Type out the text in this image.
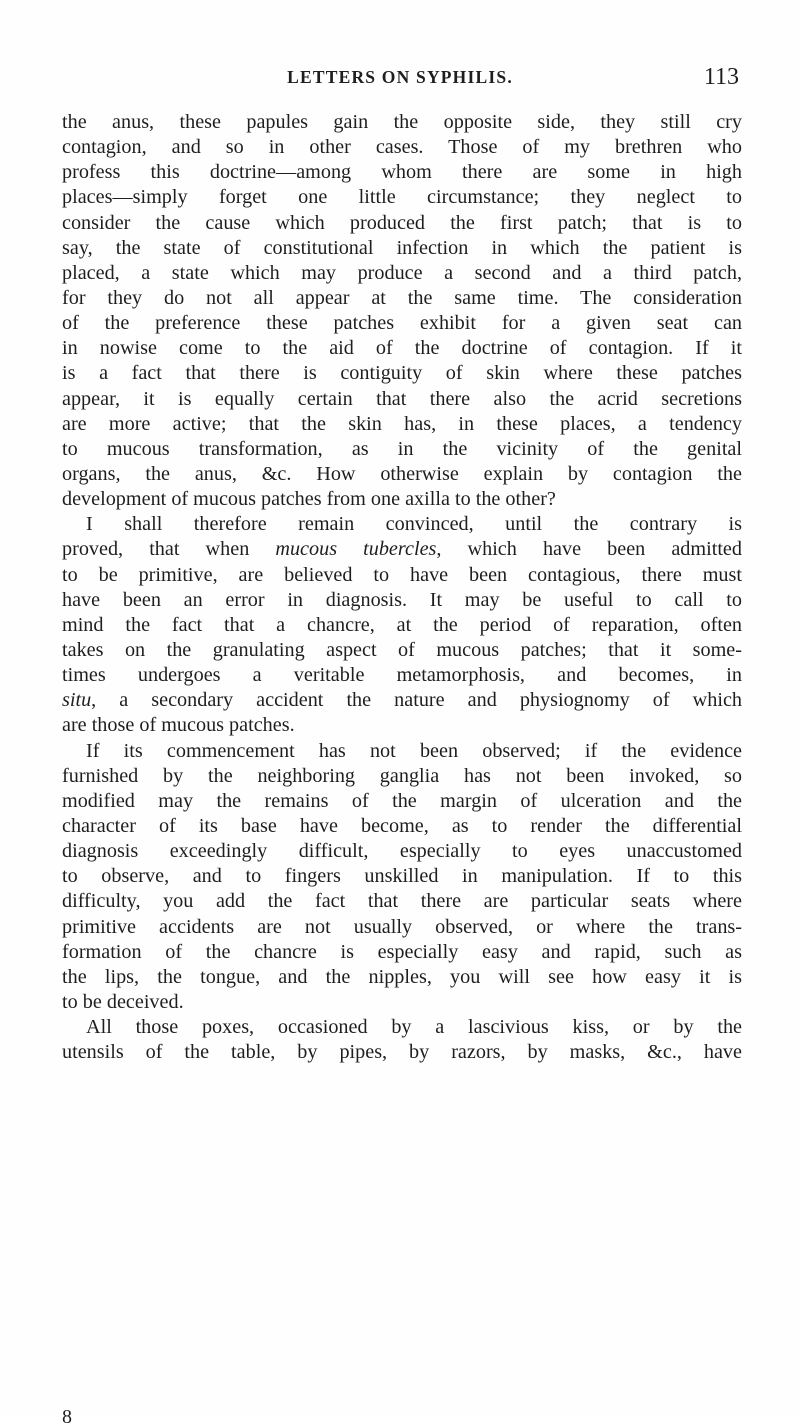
LETTERS ON SYPHILIS.	113
the anus, these papules gain the opposite side, they still cry
contagion, and so in other cases. Those of my brethren who
profess this doctrine—among whom there are some in high
places—simply forget one little circumstance; they neglect to
consider the cause which produced the first patch; that is to
say, the state of constitutional infection in which the patient is
placed, a state which may produce a second and a third patch,
for they do not all appear at the same time. The consideration
of the preference these patches exhibit for a given seat can
in nowise come to the aid of the doctrine of contagion. If it
is a fact that there is contiguity of skin where these patches
appear, it is equally certain that there also the acrid secretions
are more active; that the skin has, in these places, a tendency
to mucous transformation, as in the vicinity of the genital
organs, the anus, &c. How otherwise explain by contagion the
development of mucous patches from one axilla to the other?
I shall therefore remain convinced, until the contrary is
proved, that when mucous tubercles, which have been admitted
to be primitive, are believed to have been contagious, there must
have been an error in diagnosis. It may be useful to call to
mind the fact that a chancre, at the period of reparation, often
takes on the granulating aspect of mucous patches; that it some-
times undergoes a veritable metamorphosis, and becomes, in
situ, a secondary accident the nature and physiognomy of which
are those of mucous patches.
If its commencement has not been observed; if the evidence
furnished by the neighboring ganglia has not been invoked, so
modified may the remains of the margin of ulceration and the
character of its base have become, as to render the differential
diagnosis exceedingly difficult, especially to eyes unaccustomed
to observe, and to fingers unskilled in manipulation. If to this
difficulty, you add the fact that there are particular seats where
primitive accidents are not usually observed, or where the trans-
formation of the chancre is especially easy and rapid, such as
the lips, the tongue, and the nipples, you will see how easy it is
to be deceived.
All those poxes, occasioned by a lascivious kiss, or by the
utensils of the table, by pipes, by razors, by masks, &c., have
8
